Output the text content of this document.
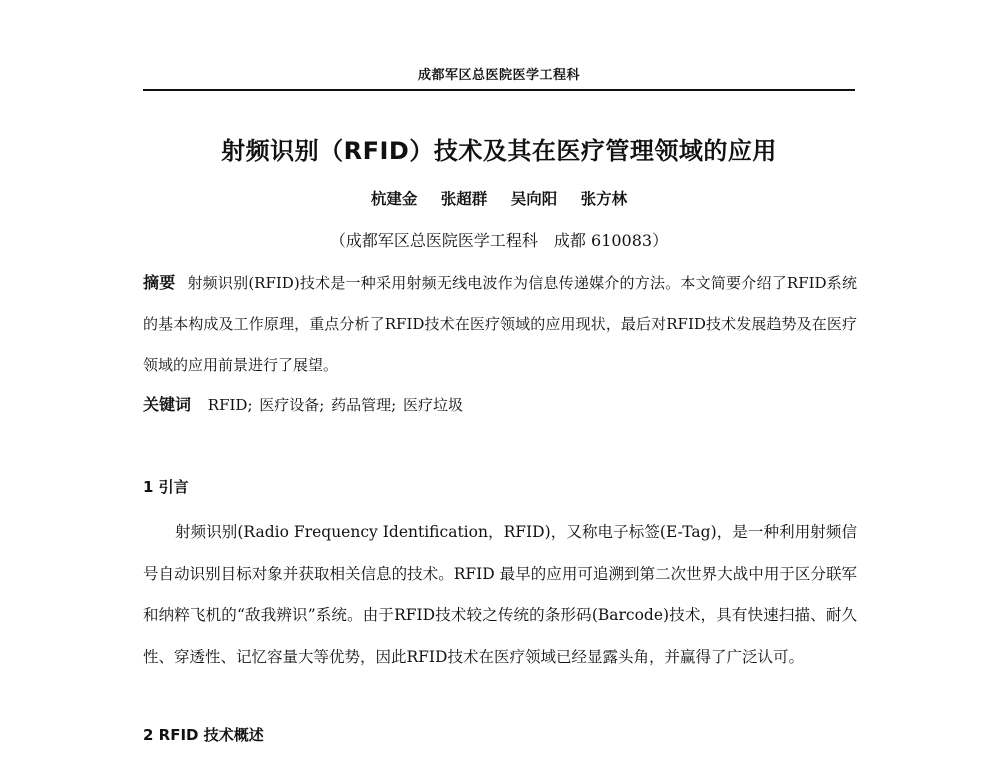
成都军区总医院医学工程科
射频识别（RFID）技术及其在医疗管理领域的应用
杭建金 张超群 吴向阳 张方林
（成都军区总医院医学工程科 成都 610083）
摘要 射频识别(RFID)技术是一种采用射频无线电波作为信息传递媒介的方法。本文简要介绍了RFID系统的基本构成及工作原理，重点分析了RFID技术在医疗领域的应用现状，最后对RFID技术发展趋势及在医疗领域的应用前景进行了展望。
关键词 RFID; 医疗设备; 药品管理; 医疗垃圾
1 引言

射频识别(Radio Frequency Identification，RFID)，又称电子标签(E-Tag)，是一种利用射频信号自动识别目标对象并获取相关信息的技术。RFID 最早的应用可追溯到第二次世界大战中用于区分联军和纳粹飞机的“敌我辨识”系统。由于RFID技术较之传统的条形码(Barcode)技术，具有快速扫描、耐久性、穿透性、记忆容量大等优势，因此RFID技术在医疗领域已经显露头角，并赢得了广泛认可。

2 RFID 技术概述
